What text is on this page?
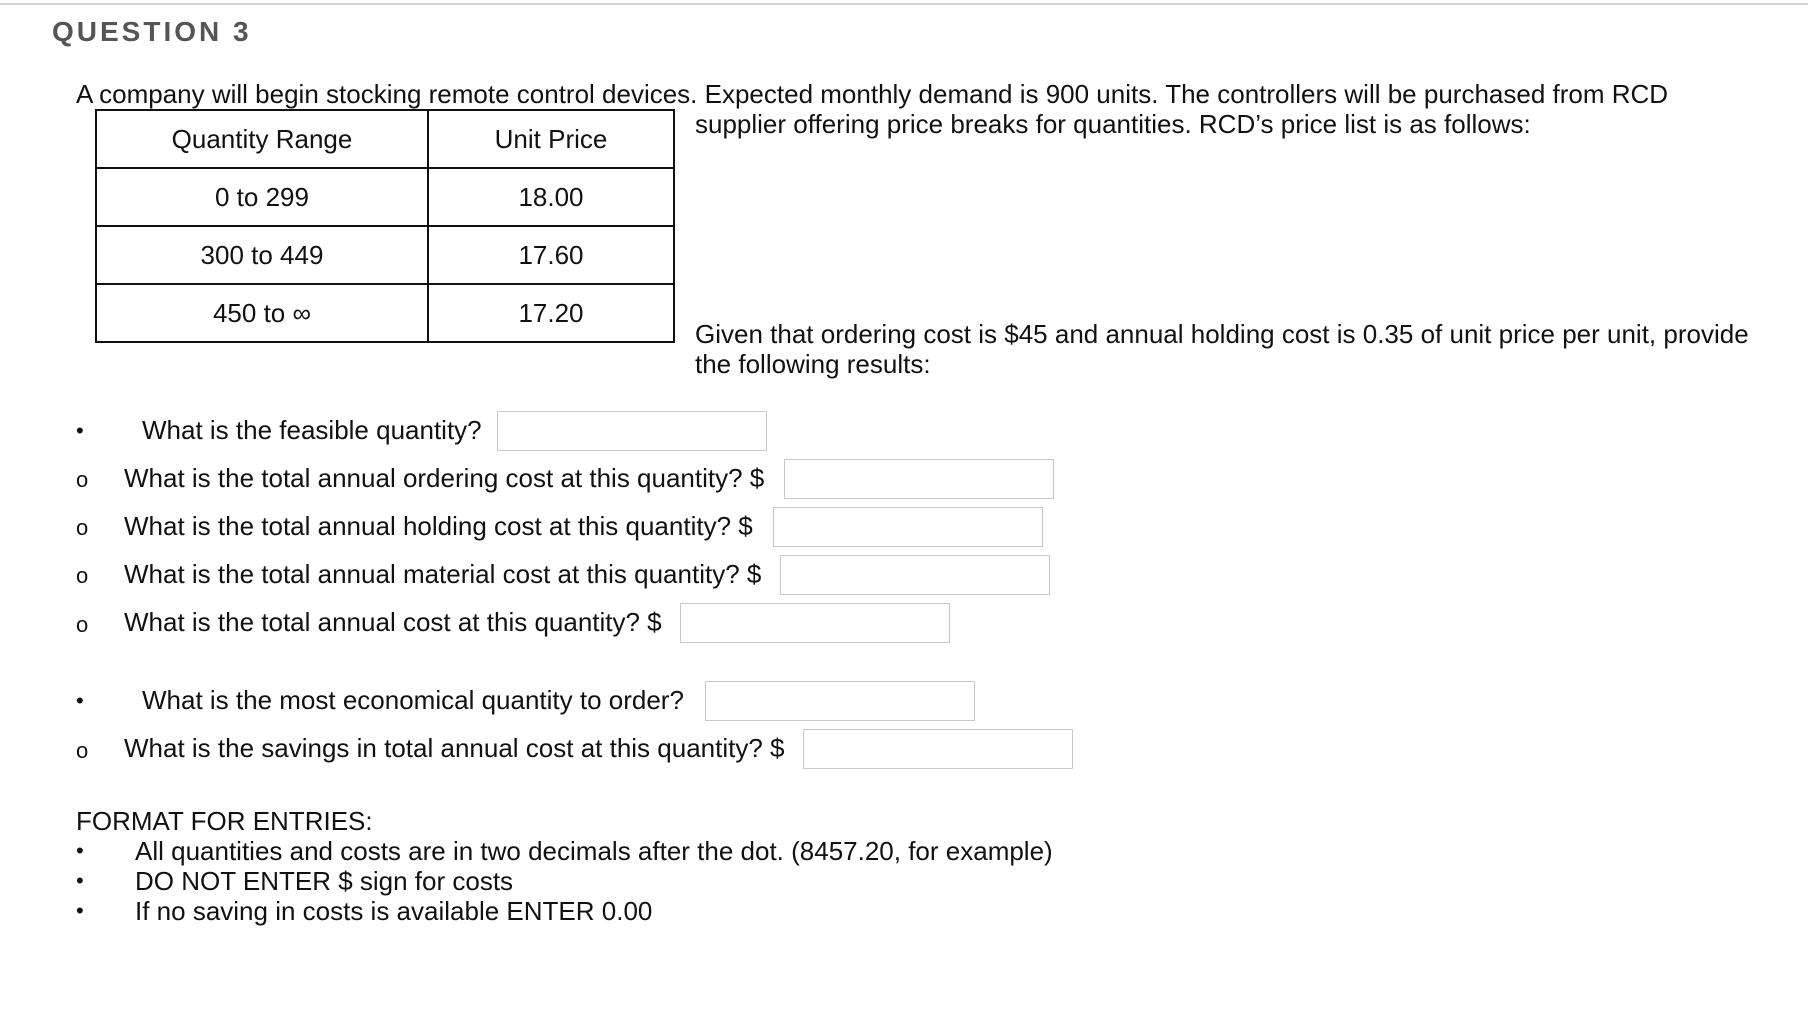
QUESTION 3
A company will begin stocking remote control devices. Expected monthly demand is 900 units. The controllers will be purchased from RCD
supplier offering price breaks for quantities. RCD’s price list is as follows:
Quantity Range	Unit Price
0 to 299	18.00
300 to 449	17.60
450 to ∞	17.20
Given that ordering cost is $45 and annual holding cost is 0.35 of unit price per unit, provide
the following results:
• What is the feasible quantity?
o What is the total annual ordering cost at this quantity? $
o What is the total annual holding cost at this quantity? $
o What is the total annual material cost at this quantity? $
o What is the total annual cost at this quantity? $
• What is the most economical quantity to order?
o What is the savings in total annual cost at this quantity? $
FORMAT FOR ENTRIES:
• All quantities and costs are in two decimals after the dot. (8457.20, for example)
• DO NOT ENTER $ sign for costs
• If no saving in costs is available ENTER 0.00
